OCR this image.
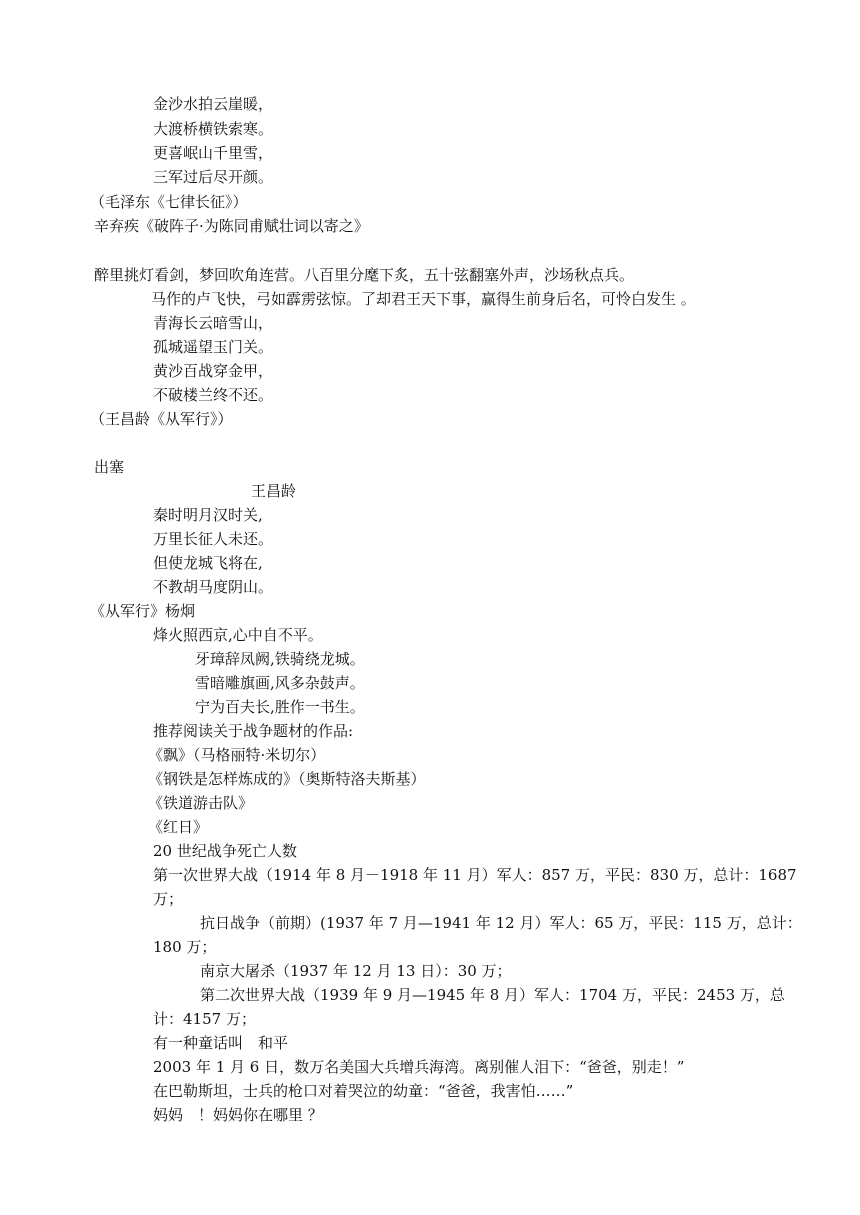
金沙水拍云崖暖，
大渡桥横铁索寒。
更喜岷山千里雪，
三军过后尽开颜。
（毛泽东《七律长征》）
辛弃疾《破阵子·为陈同甫赋壮词以寄之》
醉里挑灯看剑，梦回吹角连营。八百里分麾下炙，五十弦翻塞外声，沙场秋点兵。
马作的卢飞快，弓如霹雳弦惊。了却君王天下事，赢得生前身后名，可怜白发生 。
青海长云暗雪山，
孤城遥望玉门关。
黄沙百战穿金甲，
不破楼兰终不还。
（王昌龄《从军行》）
出塞
王昌龄
秦时明月汉时关,
万里长征人未还。
但使龙城飞将在,
不教胡马度阴山。
《从军行》杨炯
烽火照西京,心中自不平。
牙璋辞凤阙,铁骑绕龙城。
雪暗雕旗画,风多杂鼓声。
宁为百夫长,胜作一书生。
推荐阅读关于战争题材的作品:
《飘》（马格丽特·米切尔）
《钢铁是怎样炼成的》（奥斯特洛夫斯基）
《铁道游击队》
《红日》
20 世纪战争死亡人数
第一次世界大战（1914 年 8 月－1918 年 11 月）军人：857 万，平民：830 万，总计：1687
万；
抗日战争（前期）(1937 年 7 月—1941 年 12 月）军人：65 万，平民：115 万，总计：
180 万；
南京大屠杀（1937 年 12 月 13 日）：30 万；
第二次世界大战（1939 年 9 月—1945 年 8 月）军人：1704 万，平民：2453 万，总
计：4157 万；
有一种童话叫　和平
2003 年 1 月 6 日，数万名美国大兵增兵海湾。离别催人泪下：“爸爸，别走！”
在巴勒斯坦，士兵的枪口对着哭泣的幼童：“爸爸，我害怕……”
妈妈　！妈妈你在哪里 ？
